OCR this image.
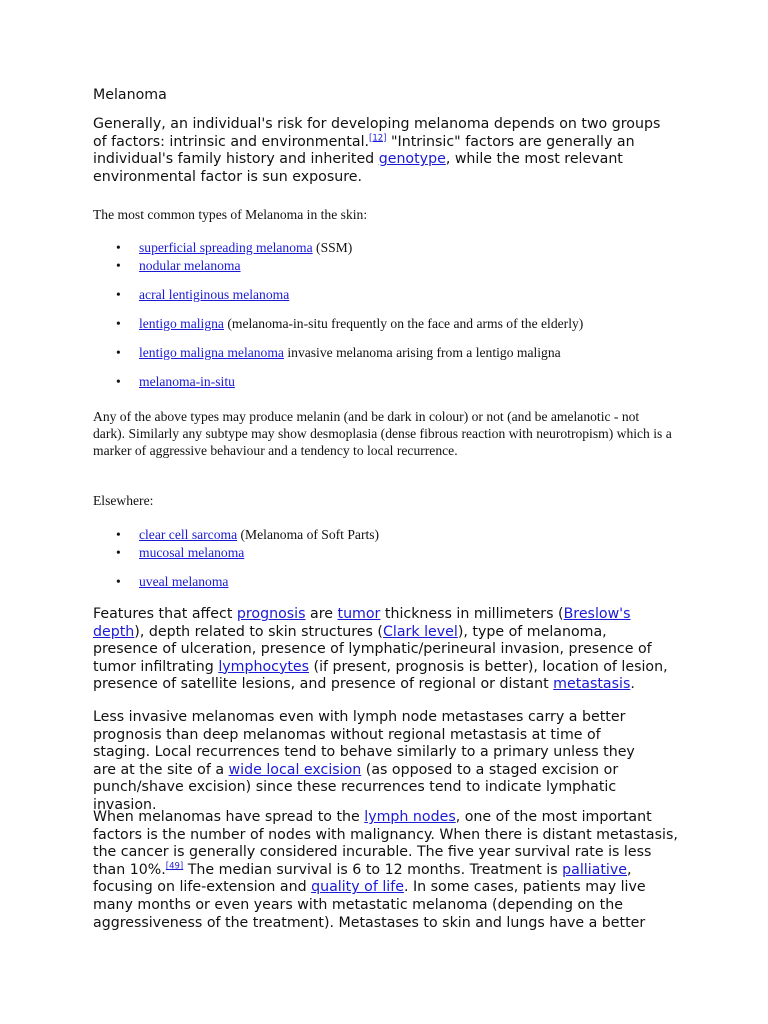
Melanoma

Generally, an individual's risk for developing melanoma depends on two groups of factors: intrinsic and environmental.[12] "Intrinsic" factors are generally an individual's family history and inherited genotype, while the most relevant environmental factor is sun exposure.

The most common types of Melanoma in the skin:

• superficial spreading melanoma (SSM)
• nodular melanoma
• acral lentiginous melanoma
• lentigo maligna (melanoma-in-situ frequently on the face and arms of the elderly)
• lentigo maligna melanoma invasive melanoma arising from a lentigo maligna
• melanoma-in-situ

Any of the above types may produce melanin (and be dark in colour) or not (and be amelanotic - not dark). Similarly any subtype may show desmoplasia (dense fibrous reaction with neurotropism) which is a marker of aggressive behaviour and a tendency to local recurrence.

Elsewhere:

• clear cell sarcoma (Melanoma of Soft Parts)
• mucosal melanoma
• uveal melanoma

Features that affect prognosis are tumor thickness in millimeters (Breslow's depth), depth related to skin structures (Clark level), type of melanoma, presence of ulceration, presence of lymphatic/perineural invasion, presence of tumor infiltrating lymphocytes (if present, prognosis is better), location of lesion, presence of satellite lesions, and presence of regional or distant metastasis.

Less invasive melanomas even with lymph node metastases carry a better prognosis than deep melanomas without regional metastasis at time of staging. Local recurrences tend to behave similarly to a primary unless they are at the site of a wide local excision (as opposed to a staged excision or punch/shave excision) since these recurrences tend to indicate lymphatic invasion.

When melanomas have spread to the lymph nodes, one of the most important factors is the number of nodes with malignancy. When there is distant metastasis, the cancer is generally considered incurable. The five year survival rate is less than 10%.[49] The median survival is 6 to 12 months. Treatment is palliative, focusing on life-extension and quality of life. In some cases, patients may live many months or even years with metastatic melanoma (depending on the aggressiveness of the treatment). Metastases to skin and lungs have a better
